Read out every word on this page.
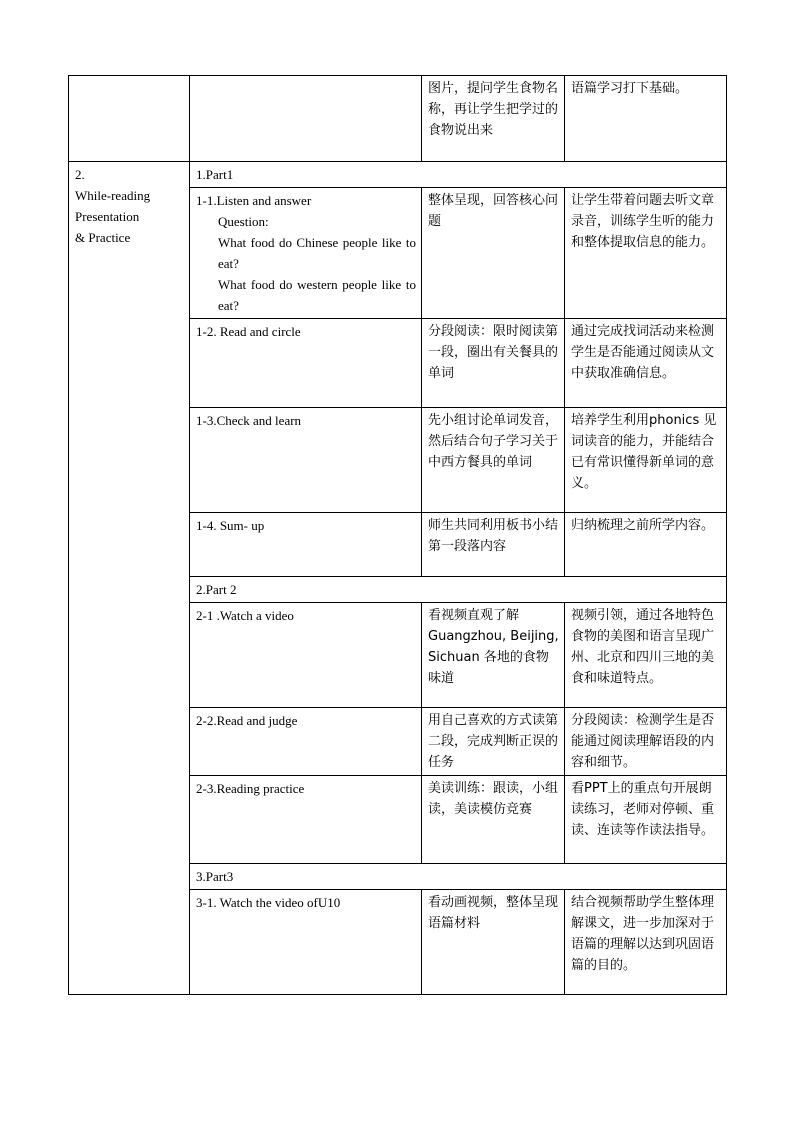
		图片，提问学生食物名称，再让学生把学过的食物说出来	语篇学习打下基础。

2.
While-reading
Presentation
& Practice	1.Part1		

	1-1.Listen and answer
Question:
What food do Chinese people like to eat?
What food do western people like to eat?	整体呈现，回答核心问题	让学生带着问题去听文章录音，训练学生听的能力和整体提取信息的能力。
	1-2. Read and circle	分段阅读：限时阅读第一段，圈出有关餐具的单词	通过完成找词活动来检测学生是否能通过阅读从文中获取准确信息。
	1-3.Check and learn	先小组讨论单词发音，然后结合句子学习关于中西方餐具的单词	培养学生利用phonics 见词读音的能力，并能结合已有常识懂得新单词的意义。
	1-4. Sum- up	师生共同利用板书小结第一段落内容	归纳梳理之前所学内容。
	2.Part 2		
	2-1 .Watch a video	看视频直观了解Guangzhou, Beijing, Sichuan 各地的食物味道	视频引领，通过各地特色食物的美图和语言呈现广州、北京和四川三地的美食和味道特点。
	2-2.Read and judge	用自己喜欢的方式读第二段，完成判断正误的任务	分段阅读：检测学生是否能通过阅读理解语段的内容和细节。
	2-3.Reading practice	美读训练：跟读，小组读，美读模仿竞赛	看PPT上的重点句开展朗读练习，老师对停顿、重读、连读等作读法指导。
	3.Part3		
	3-1. Watch the video ofU10	看动画视频，整体呈现语篇材料	结合视频帮助学生整体理解课文，进一步加深对于语篇的理解以达到巩固语篇的目的。
